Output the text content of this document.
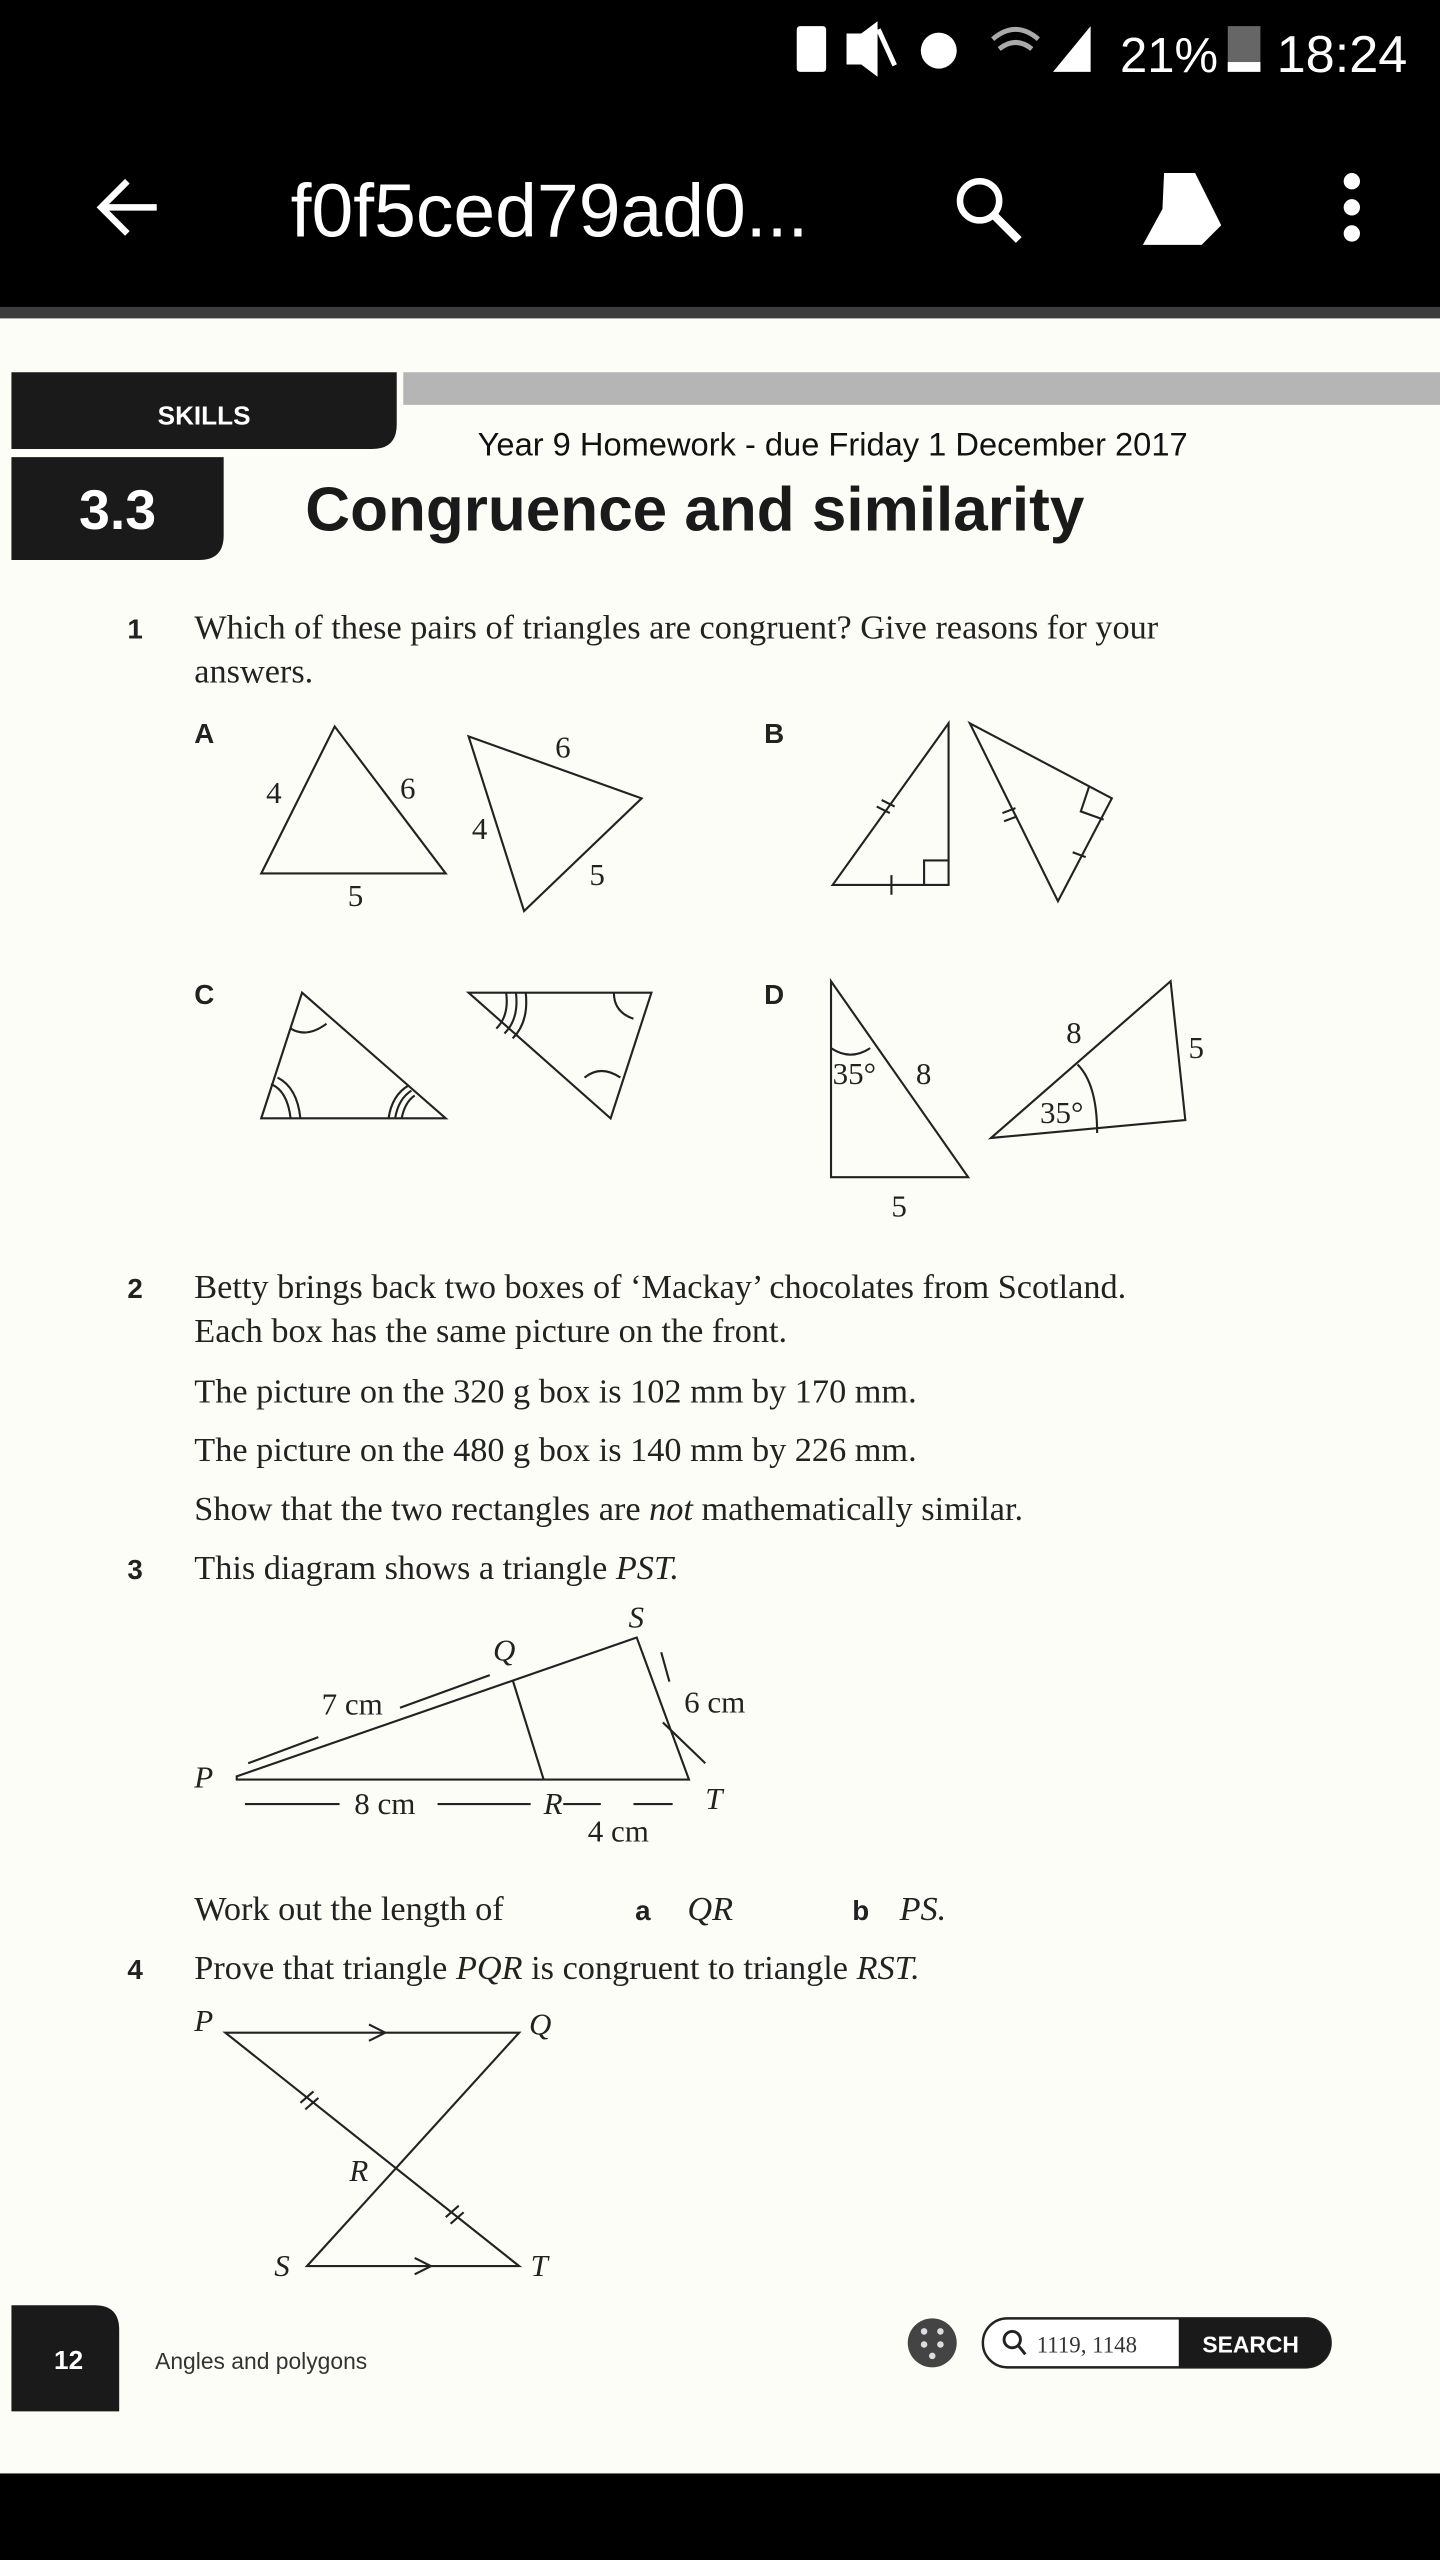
21% 18:24
f0f5ced79ad0...
SKILLS
Year 9 Homework - due Friday 1 December 2017
3.3	Congruence and similarity
1 Which of these pairs of triangles are congruent? Give reasons for your
answers.
A
4	6
5
6
4
5
B
C	D
35° 8
5
8	5
35°
2 Betty brings back two boxes of ‘Mackay’ chocolates from Scotland.
Each box has the same picture on the front.
The picture on the 320 g box is 102 mm by 170 mm.
The picture on the 480 g box is 140 mm by 226 mm.
Show that the two rectangles are not mathematically similar.
3 This diagram shows a triangle PST.
S
Q
P
R	T
7 cm	6 cm
8 cm
4 cm
Work out the length of	a QR	b PS.
4 Prove that triangle PQR is congruent to triangle RST.
P	Q
R
S	T
12	Angles and polygons
1119, 1148	SEARCH
